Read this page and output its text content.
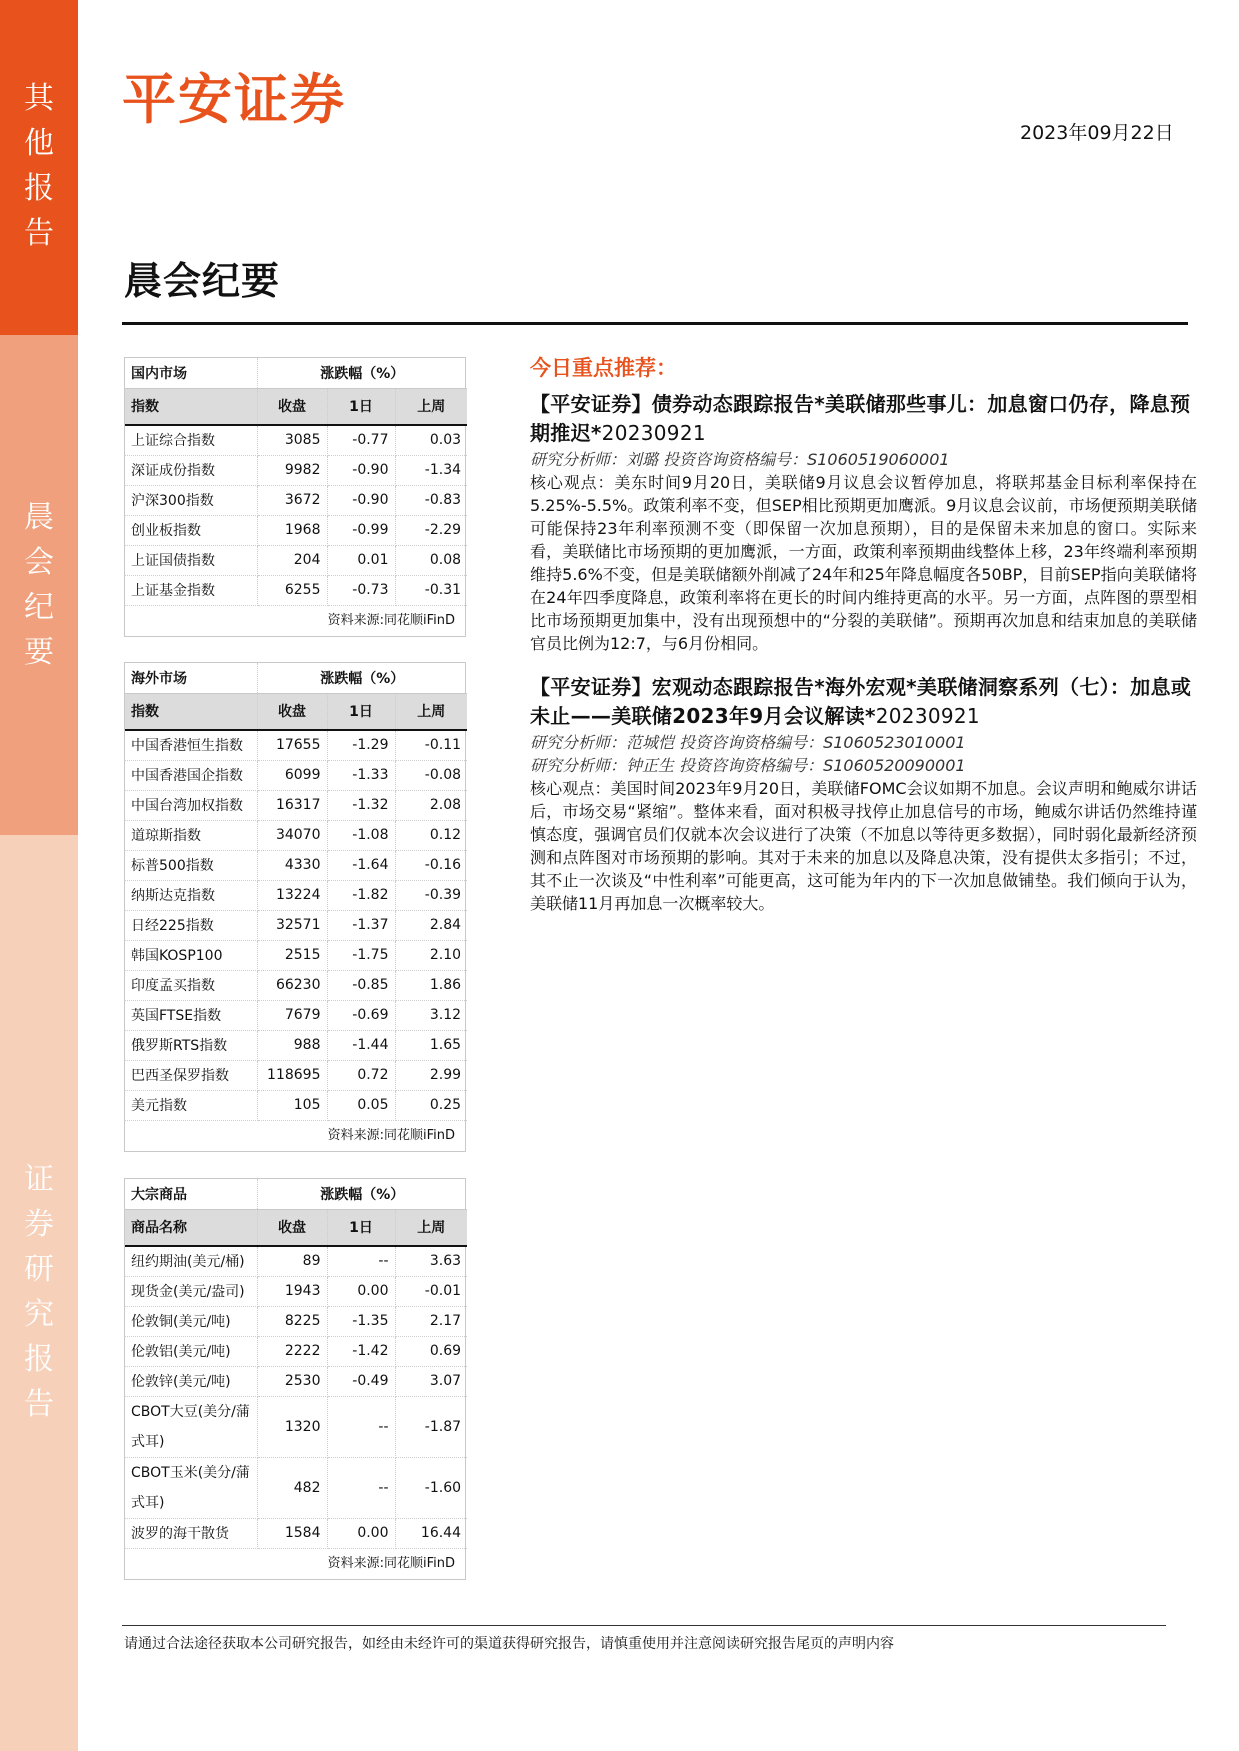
其
他
报
告
晨
会
纪
要
证
券
研
究
报
告
平安证券
2023年09月22日
晨会纪要
国内市场	涨跌幅（%）		
指数	收盘	1日	上周
上证综合指数	3085	-0.77	0.03
深证成份指数	9982	-0.90	-1.34
沪深300指数	3672	-0.90	-0.83
创业板指数	1968	-0.99	-2.29
上证国债指数	204	0.01	0.08
上证基金指数	6255	-0.73	-0.31
资料来源:同花顺iFinD
海外市场	涨跌幅（%）		
指数	收盘	1日	上周
中国香港恒生指数	17655	-1.29	-0.11
中国香港国企指数	6099	-1.33	-0.08
中国台湾加权指数	16317	-1.32	2.08
道琼斯指数	34070	-1.08	0.12
标普500指数	4330	-1.64	-0.16
纳斯达克指数	13224	-1.82	-0.39
日经225指数	32571	-1.37	2.84
韩国KOSP100	2515	-1.75	2.10
印度孟买指数	66230	-0.85	1.86
英国FTSE指数	7679	-0.69	3.12
俄罗斯RTS指数	988	-1.44	1.65
巴西圣保罗指数	118695	0.72	2.99
美元指数	105	0.05	0.25
资料来源:同花顺iFinD
大宗商品	涨跌幅（%）		
商品名称	收盘	1日	上周
纽约期油(美元/桶)	89	--	3.63
现货金(美元/盎司)	1943	0.00	-0.01
伦敦铜(美元/吨)	8225	-1.35	2.17
伦敦铝(美元/吨)	2222	-1.42	0.69
伦敦锌(美元/吨)	2530	-0.49	3.07
CBOT大豆(美分/蒲式耳)	1320	--	-1.87
CBOT玉米(美分/蒲式耳)	482	--	-1.60
波罗的海干散货	1584	0.00	16.44
资料来源:同花顺iFinD
今日重点推荐：
【平安证券】债券动态跟踪报告*美联储那些事儿：加息窗口仍存，降息预期推迟*20230921
研究分析师：刘璐 投资咨询资格编号：S1060519060001
核心观点：美东时间9月20日，美联储9月议息会议暂停加息，将联邦基金目标利率保持在5.25%-5.5%。政策利率不变，但SEP相比预期更加鹰派。9月议息会议前，市场便预期美联储可能保持23年利率预测不变（即保留一次加息预期），目的是保留未来加息的窗口。实际来看，美联储比市场预期的更加鹰派，一方面，政策利率预期曲线整体上移，23年终端利率预期维持5.6%不变，但是美联储额外削减了24年和25年降息幅度各50BP，目前SEP指向美联储将在24年四季度降息，政策利率将在更长的时间内维持更高的水平。另一方面，点阵图的票型相比市场预期更加集中，没有出现预想中的“分裂的美联储”。预期再次加息和结束加息的美联储官员比例为12:7，与6月份相同。
【平安证券】宏观动态跟踪报告*海外宏观*美联储洞察系列（七）：加息或未止——美联储2023年9月会议解读*20230921
研究分析师：范城恺 投资咨询资格编号：S1060523010001
研究分析师：钟正生 投资咨询资格编号：S1060520090001
核心观点：美国时间2023年9月20日，美联储FOMC会议如期不加息。会议声明和鲍威尔讲话后，市场交易“紧缩”。整体来看，面对积极寻找停止加息信号的市场，鲍威尔讲话仍然维持谨慎态度，强调官员们仅就本次会议进行了决策（不加息以等待更多数据），同时弱化最新经济预测和点阵图对市场预期的影响。其对于未来的加息以及降息决策，没有提供太多指引；不过，其不止一次谈及“中性利率”可能更高，这可能为年内的下一次加息做铺垫。我们倾向于认为，美联储11月再加息一次概率较大。
请通过合法途径获取本公司研究报告，如经由未经许可的渠道获得研究报告，请慎重使用并注意阅读研究报告尾页的声明内容
